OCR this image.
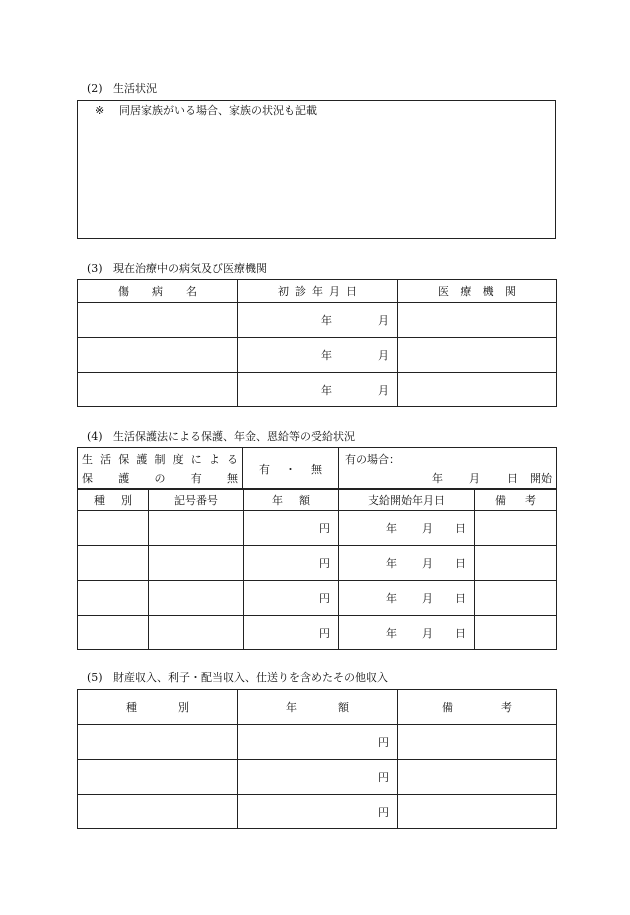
(2) 生活状況
※ 同居家族がいる場合、家族の状況も記載
(3) 現在治療中の病気及び医療機関
傷病名	初診年月日	医療機関

	年 月	

	年 月	

	年 月	

(4) 生活保護法による保護、年金、恩給等の受給状況
生活保護制度による
保護の有無
	有・無	
有の場合：
年 月 日 開始
種別	記号番号	年額	支給開始年月日	備考
		円	年 月 日	

		円	年 月 日	

		円	年 月 日	

		円	年 月 日	

(5) 財産収入、利子・配当収入、仕送りを含めたその他収入
種別	年額	備考
	円	
	円	
	円	
